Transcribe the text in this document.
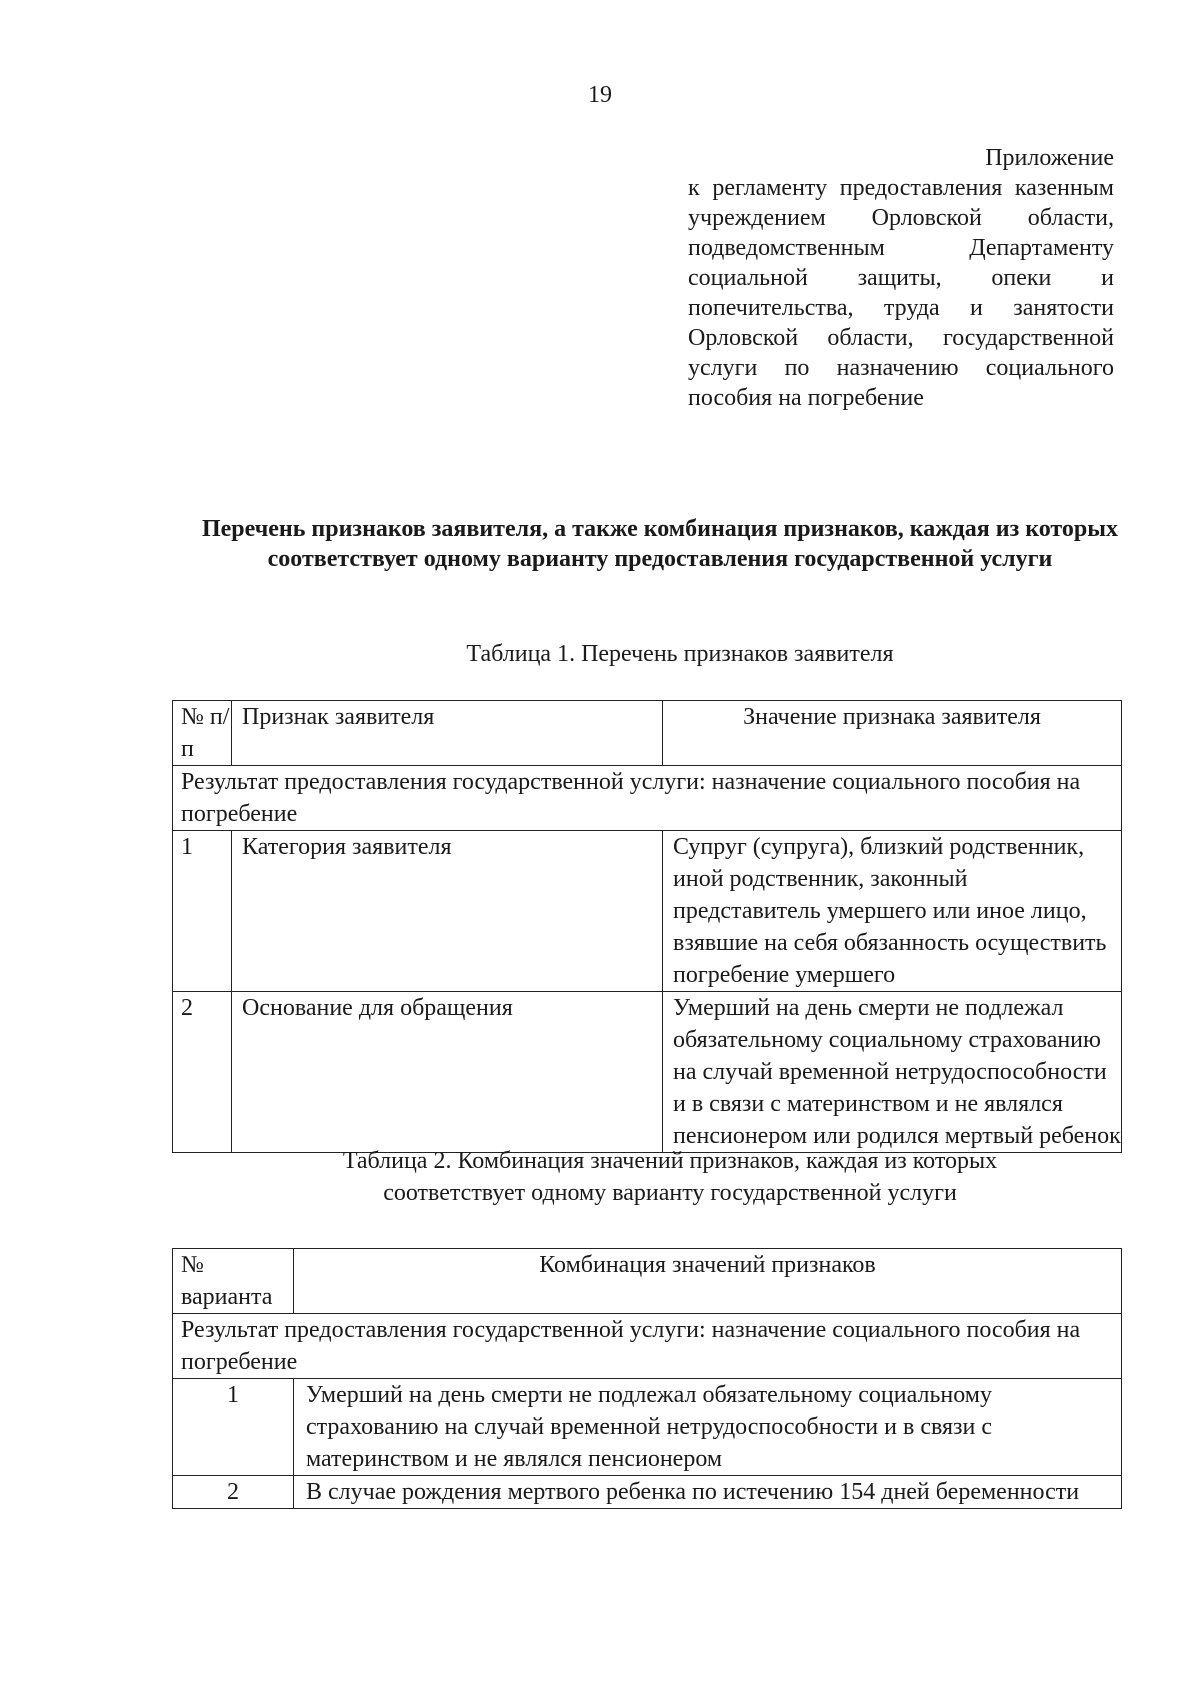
19
Приложение
к регламенту предоставления казенным учреждением Орловской области, подведомственным Департаменту социальной защиты, опеки и попечительства, труда и занятости Орловской области, государственной услуги по назначению социального пособия на погребение
Перечень признаков заявителя, а также комбинация признаков, каждая из которых соответствует одному варианту предоставления государственной услуги
Таблица 1. Перечень признаков заявителя
№ п/п	Признак заявителя	Значение признака заявителя
Результат предоставления государственной услуги: назначение социального пособия на погребение		
1	Категория заявителя	Супруг (супруга), близкий родственник, иной родственник, законный представитель умершего или иное лицо, взявшие на себя обязанность осуществить погребение умершего
2	Основание для обращения	Умерший на день смерти не подлежал обязательному социальному страхованию на случай временной нетрудоспособности и в связи с материнством и не являлся пенсионером или родился мертвый ребенок
Таблица 2. Комбинация значений признаков, каждая из которых соответствует одному варианту государственной услуги
№ варианта	Комбинация значений признаков
Результат предоставления государственной услуги: назначение социального пособия на погребение	
1	Умерший на день смерти не подлежал обязательному социальному страхованию на случай временной нетрудоспособности и в связи с материнством и не являлся пенсионером
2	В случае рождения мертвого ребенка по истечению 154 дней беременности
